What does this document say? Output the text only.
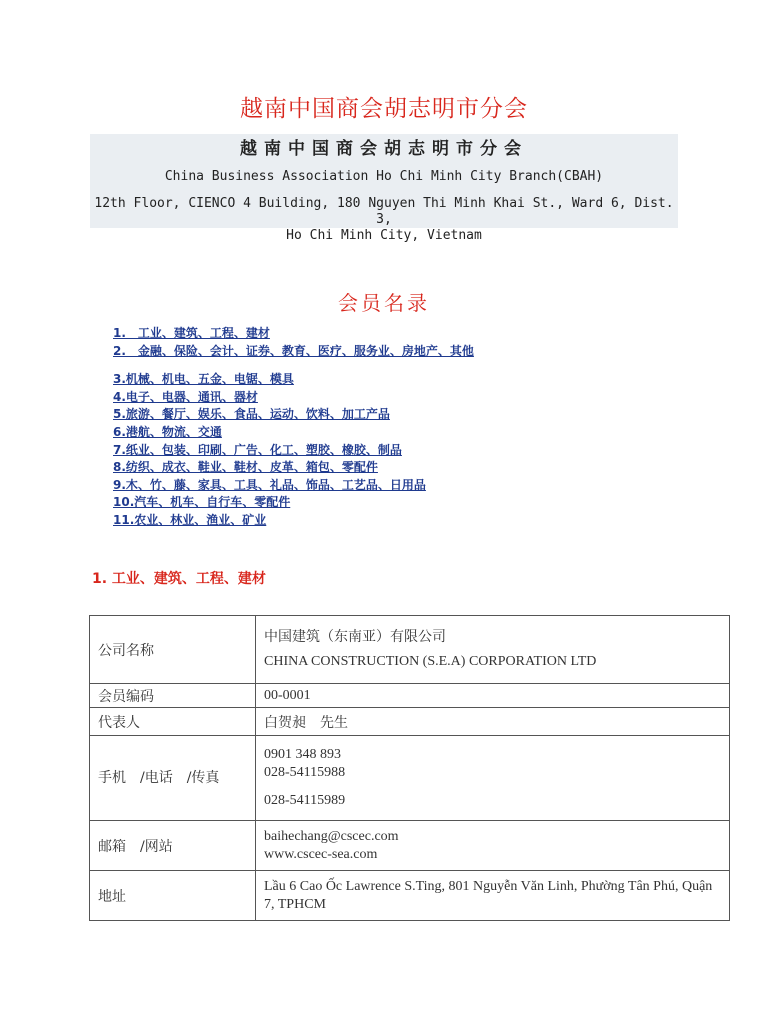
越南中国商会胡志明市分会
越南中国商会胡志明市分会
China Business Association Ho Chi Minh City Branch(CBAH)
12th Floor, CIENCO 4 Building, 180 Nguyen Thi Minh Khai St., Ward 6, Dist. 3,
Ho Chi Minh City, Vietnam
会员名录
1.　工业、建筑、工程、建材
2.　金融、保险、会计、证券、教育、医疗、服务业、房地产、其他
3.机械、机电、五金、电锯、模具
4.电子、电器、通讯、器材
5.旅游、餐厅、娱乐、食品、运动、饮料、加工产品
6.港航、物流、交通
7.纸业、包装、印刷、广告、化工、塑胶、橡胶、制品
8.纺织、成衣、鞋业、鞋材、皮革、箱包、零配件
9.木、竹、藤、家具、工具、礼品、饰品、工艺品、日用品
10.汽车、机车、自行车、零配件
11.农业、林业、渔业、矿业
1. 工业、建筑、工程、建材
公司名称	中国建筑（东南亚）有限公司
CHINA CONSTRUCTION (S.E.A) CORPORATION LTD

会员编码	00-0001
代表人	白贺昶　先生

手机　/电话　/传真	0901 348 893
028-54115988
028-54115989

邮箱　/网站	baihechang@cscec.com
www.cscec-sea.com

地址	Lầu 6 Cao Ốc Lawrence S.Ting, 801 Nguyễn Văn Linh, Phường Tân Phú, Quận 7, TPHCM
